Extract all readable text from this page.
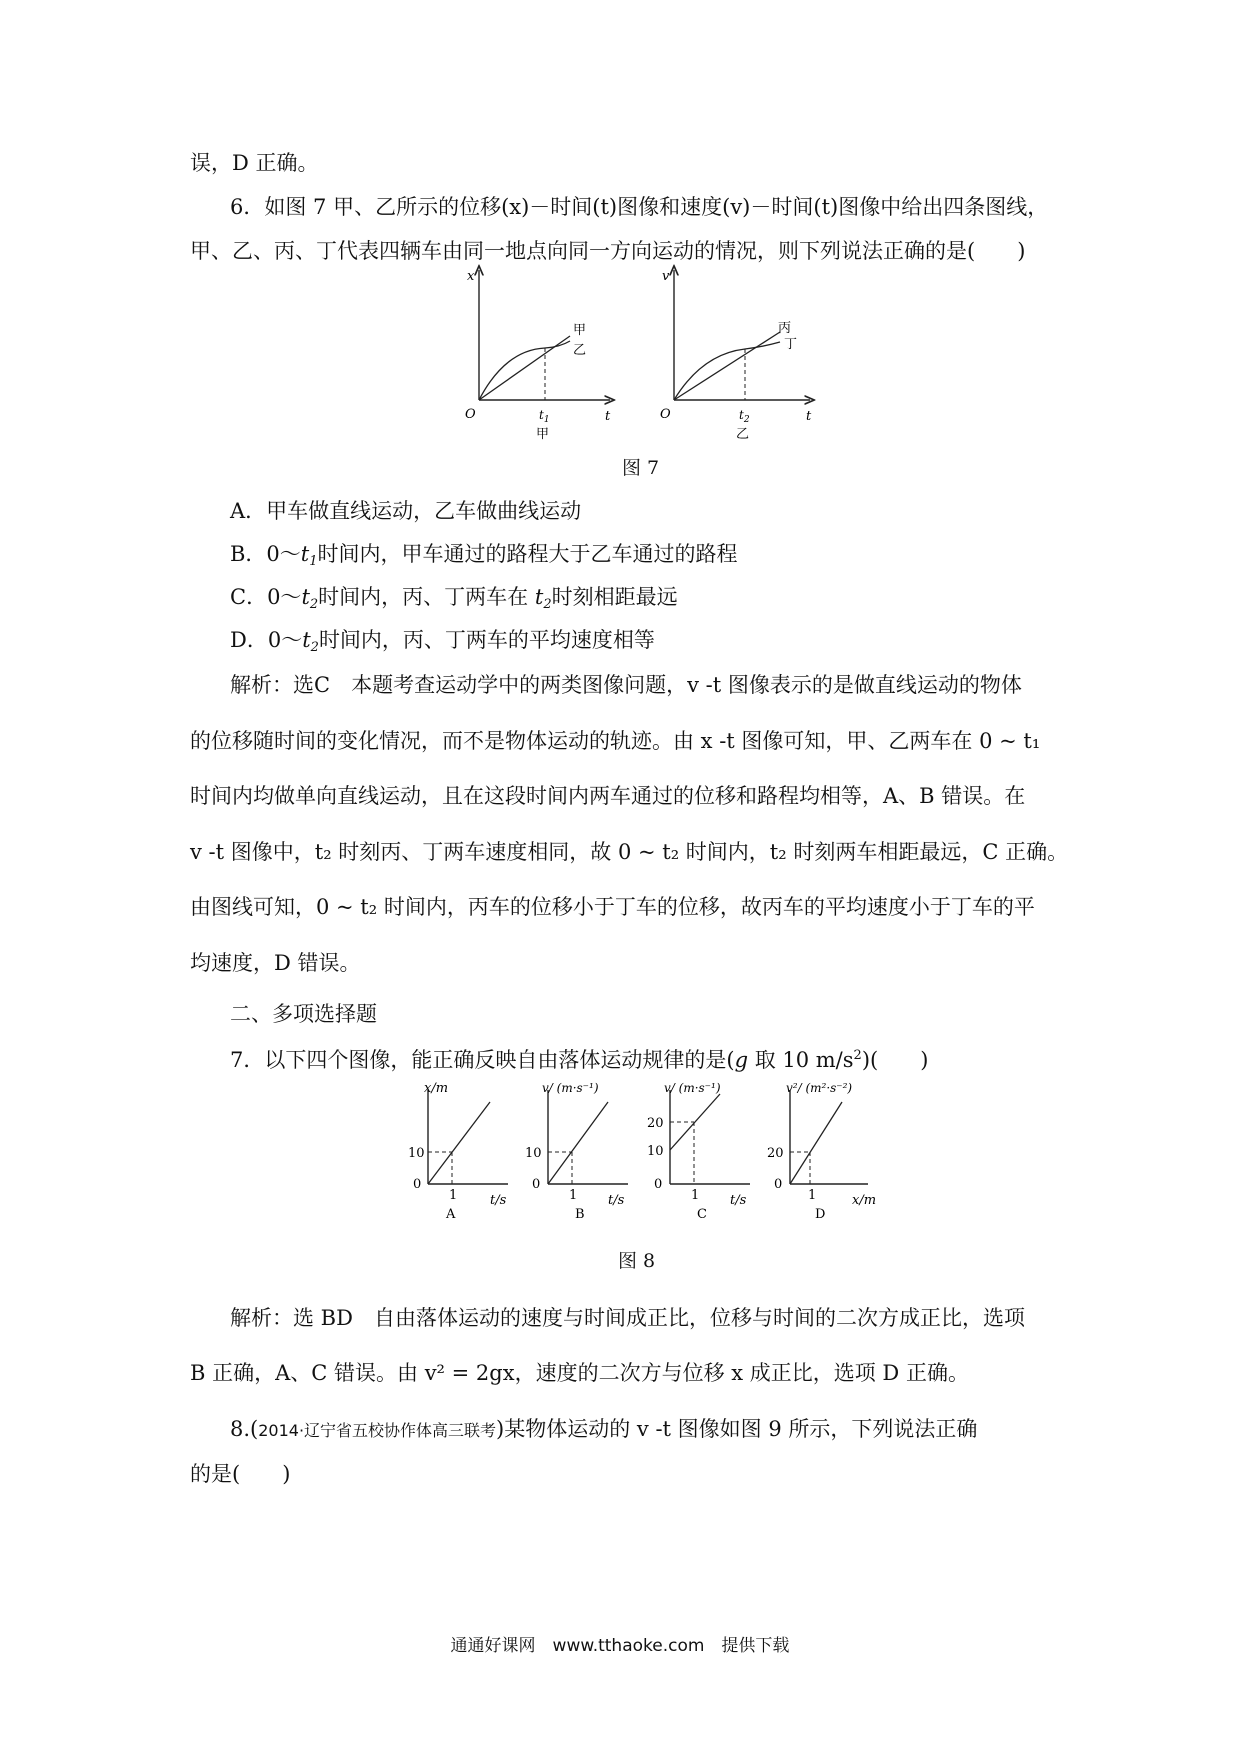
误，D 正确。
6．如图 7 甲、乙所示的位移(x)－时间(t)图像和速度(v)－时间(t)图像中给出四条图线，
甲、乙、丙、丁代表四辆车由同一地点向同一方向运动的情况，则下列说法正确的是(　　)
x
t
O	$t_1$
甲
乙
甲
v
t
O	$t_2$
丙
丁
乙
图 7
A．甲车做直线运动，乙车做曲线运动
B．$0\sim t_1$时间内，甲车通过的路程大于乙车通过的路程
C．$0\sim t_2$时间内，丙、丁两车在 $t_2$时刻相距最远
D．$0\sim t_2$时间内，丙、丁两车的平均速度相等
解析：选C　本题考查运动学中的两类图像问题，v -t 图像表示的是做直线运动的物体
的位移随时间的变化情况，而不是物体运动的轨迹。由 x -t 图像可知，甲、乙两车在 0 ~ t₁
时间内均做单向直线运动，且在这段时间内两车通过的位移和路程均相等，A、B 错误。在
v -t 图像中，t₂ 时刻丙、丁两车速度相同，故 0 ~ t₂ 时间内，t₂ 时刻两车相距最远，C 正确。
由图线可知，0 ~ t₂ 时间内，丙车的位移小于丁车的位移，故丙车的平均速度小于丁车的平
均速度，D 错误。
二、多项选择题
7．以下四个图像，能正确反映自由落体运动规律的是(g 取 10 $m/s^2$)(　　)
x/m
t/s
0
1
10
A
v/ (m·s⁻¹)
t/s
0
1
10
B
v/ (m·s⁻¹)
t/s
0
1
20
10
C
v²/ (m²·s⁻²)
x/m
0
1
20
D
图 8
解析：选 BD　自由落体运动的速度与时间成正比，位移与时间的二次方成正比，选项
B 正确，A、C 错误。由 v² = 2gx，速度的二次方与位移 x 成正比，选项 D 正确。
8.(2014·辽宁省五校协作体高三联考)某物体运动的 v -t 图像如图 9 所示，下列说法正确
的是(　　)
通通好课网　www.tthaoke.com　提供下载
